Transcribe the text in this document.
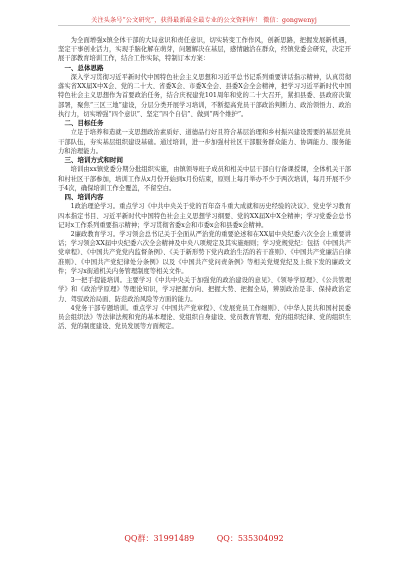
关注头条号“公文研究”，获得最新最全最专业的公文资料库！ 微信：gongwenyj

为全面增强x镇全体干部的大局意识和责任意识，切实转变工作作风，创新思路，把握发展新机遇，坚定干事创业活力，实现手脑化解在萌芽，问题解决在基层，感情融洽在群众，经镇党委会研究，决定开展干部教育培训工作，结合工作实际，特制订本方案：

一、总体思路

深入学习贯彻习近平新时代中国特色社会主义思想和习近平总书记系列重要讲话指示精神，认真贯彻落实省XX届X中X会、党的二十大、省委X会、市委X全会、县委X会全会精神，把学习习近平新时代中国特色社会主义思想作为首要政治任务，结合庆祝建党101周年和党的二十大召开，紧扣县委、县政府决策部署，聚焦“三区三地”建设，分层分类开展学习培训，不断提高党员干部政治判断力、政治领悟力、政治执行力，切实增强“四个意识”、坚定“四个自信”、做到“两个维护”。

二、目标任务

立足于培养和造就一支思想政治素质好、道德品行好且符合基层治理和乡村振兴建设需要的基层党员干部队伍，夯实基层组织建设基础。通过培训，进一步加强村社区干部服务群众能力、协调能力、服务能力和治理能力。

三、培训方式和时间

培训由xx镇党委分期分批组织实施，由镇领导班子成员和相关中层干部自行备课授课，全体机关干部和村社区干部参加，培训工作从x月份开始到x月份结束，原则上每月举办不少于两次培训，每月开展不少于4次，确保培训工作全覆盖，不留空白。

四、培训内容

1政治理论学习。重点学习《中共中央关于党的百年奋斗重大成就和历史经验的决议》、党史学习教育四本指定书目、习近平新时代中国特色社会主义思想学习纲要、党的XX届X中X全精神；学习党委会总书记对x工作系列重要指示精神；学习贯彻省委x会和市委x会和县委x会精神。

2廉政教育学习。学习领会总书记关于全面从严治党的重要论述和在XX届中央纪委六次全会上重要讲话；学习领会XX届中央纪委六次全会精神及中央八项规定及其实施细则；学习党规党纪：包括《中国共产党章程》、《中国共产党党内监督条例》、《关于新形势下党内政治生活的若干准则》、《中国共产党廉洁自律准则》、《中国共产党纪律处分条例》以及《中国共产党问责条例》等相关党规党纪及上级下发的廉政文件；学习x街道机关内务管理制度等相关文件。

3一把手提能培训。主要学习《中共中央关于加强党的政治建设的意见》、《领导学原理》、《公共管理学》和《政治学原理》等理论知识，学习把握方向、把握大势、把握全局，辨别政治是非、保持政治定力、驾驭政治局面、防范政治风险等方面的能力。

4党务干部专题培训。重点学习《中国共产党章程》、《发展党员工作细则》、《中华人民共和国村民委员会组织法》等法律法规和党的基本理论、党组织自身建设、党员教育管理、党的组织纪律、党的组织生活、党的制度建设、党员发展等方面规定。

QQ群：31991489	QQ：535304092
